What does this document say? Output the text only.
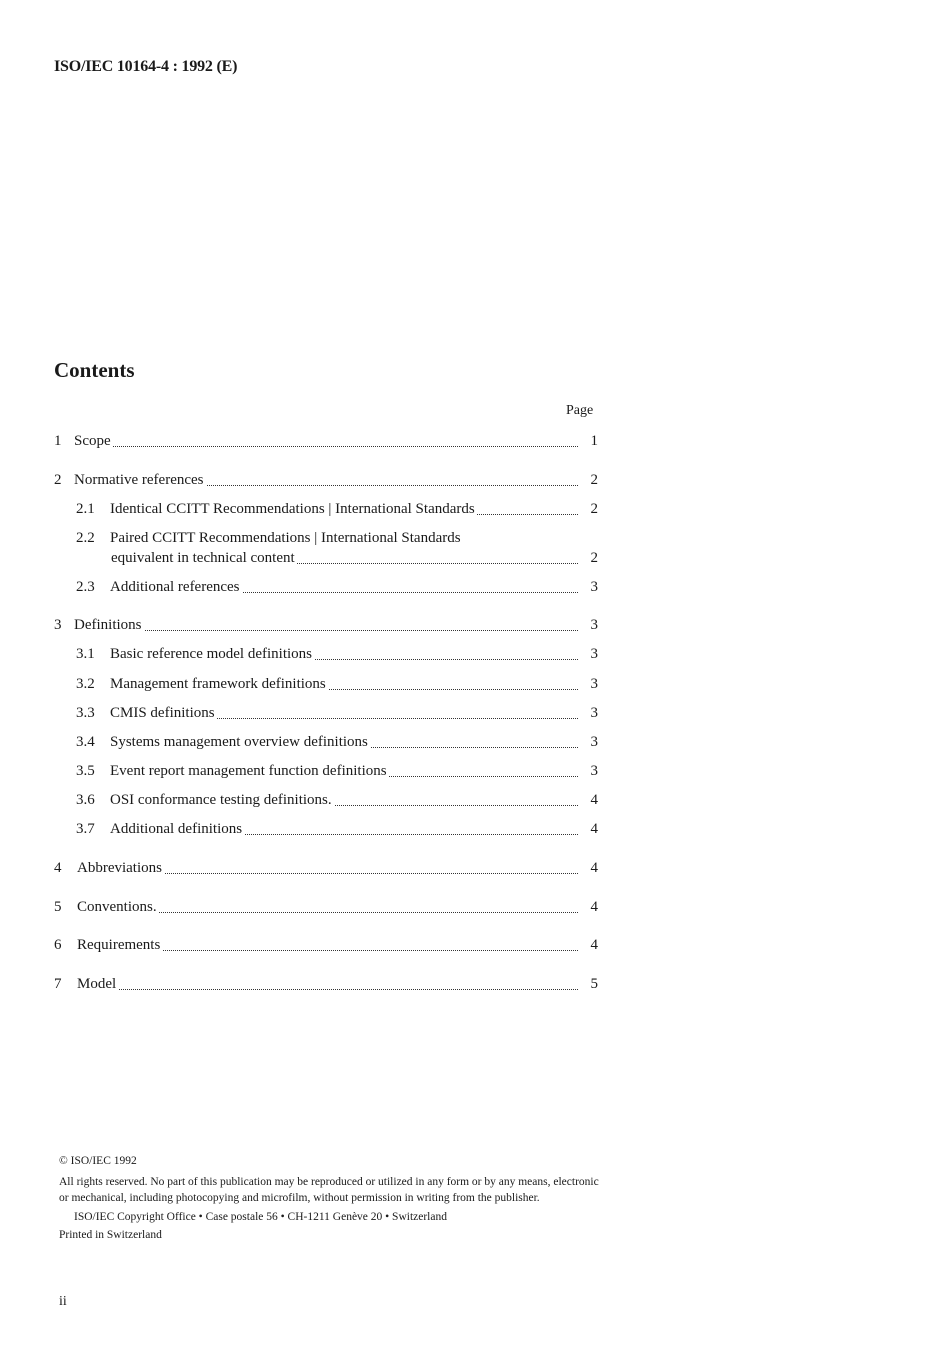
ISO/IEC 10164-4 : 1992 (E)
Contents
Page
1 Scope	1
2 Normative references	2
2.1 Identical CCITT Recommendations | International Standards	2
2.2 Paired CCITT Recommendations | International Standards
equivalent in technical content	2
2.3 Additional references	3
3 Definitions	3
3.1 Basic reference model definitions	3
3.2 Management framework definitions	3
3.3 CMIS definitions	3
3.4 Systems management overview definitions	3
3.5 Event report management function definitions	3
3.6 OSI conformance testing definitions.	4
3.7 Additional definitions	4
4 Abbreviations	4
5 Conventions.	4
6 Requirements	4
7 Model	5

© ISO/IEC 1992

All rights reserved. No part of this publication may be reproduced or utilized in any form or by any means, electronic or mechanical, including photocopying and microfilm, without permission in writing from the publisher.

ISO/IEC Copyright Office • Case postale 56 • CH-1211 Genève 20 • Switzerland

Printed in Switzerland

ii
